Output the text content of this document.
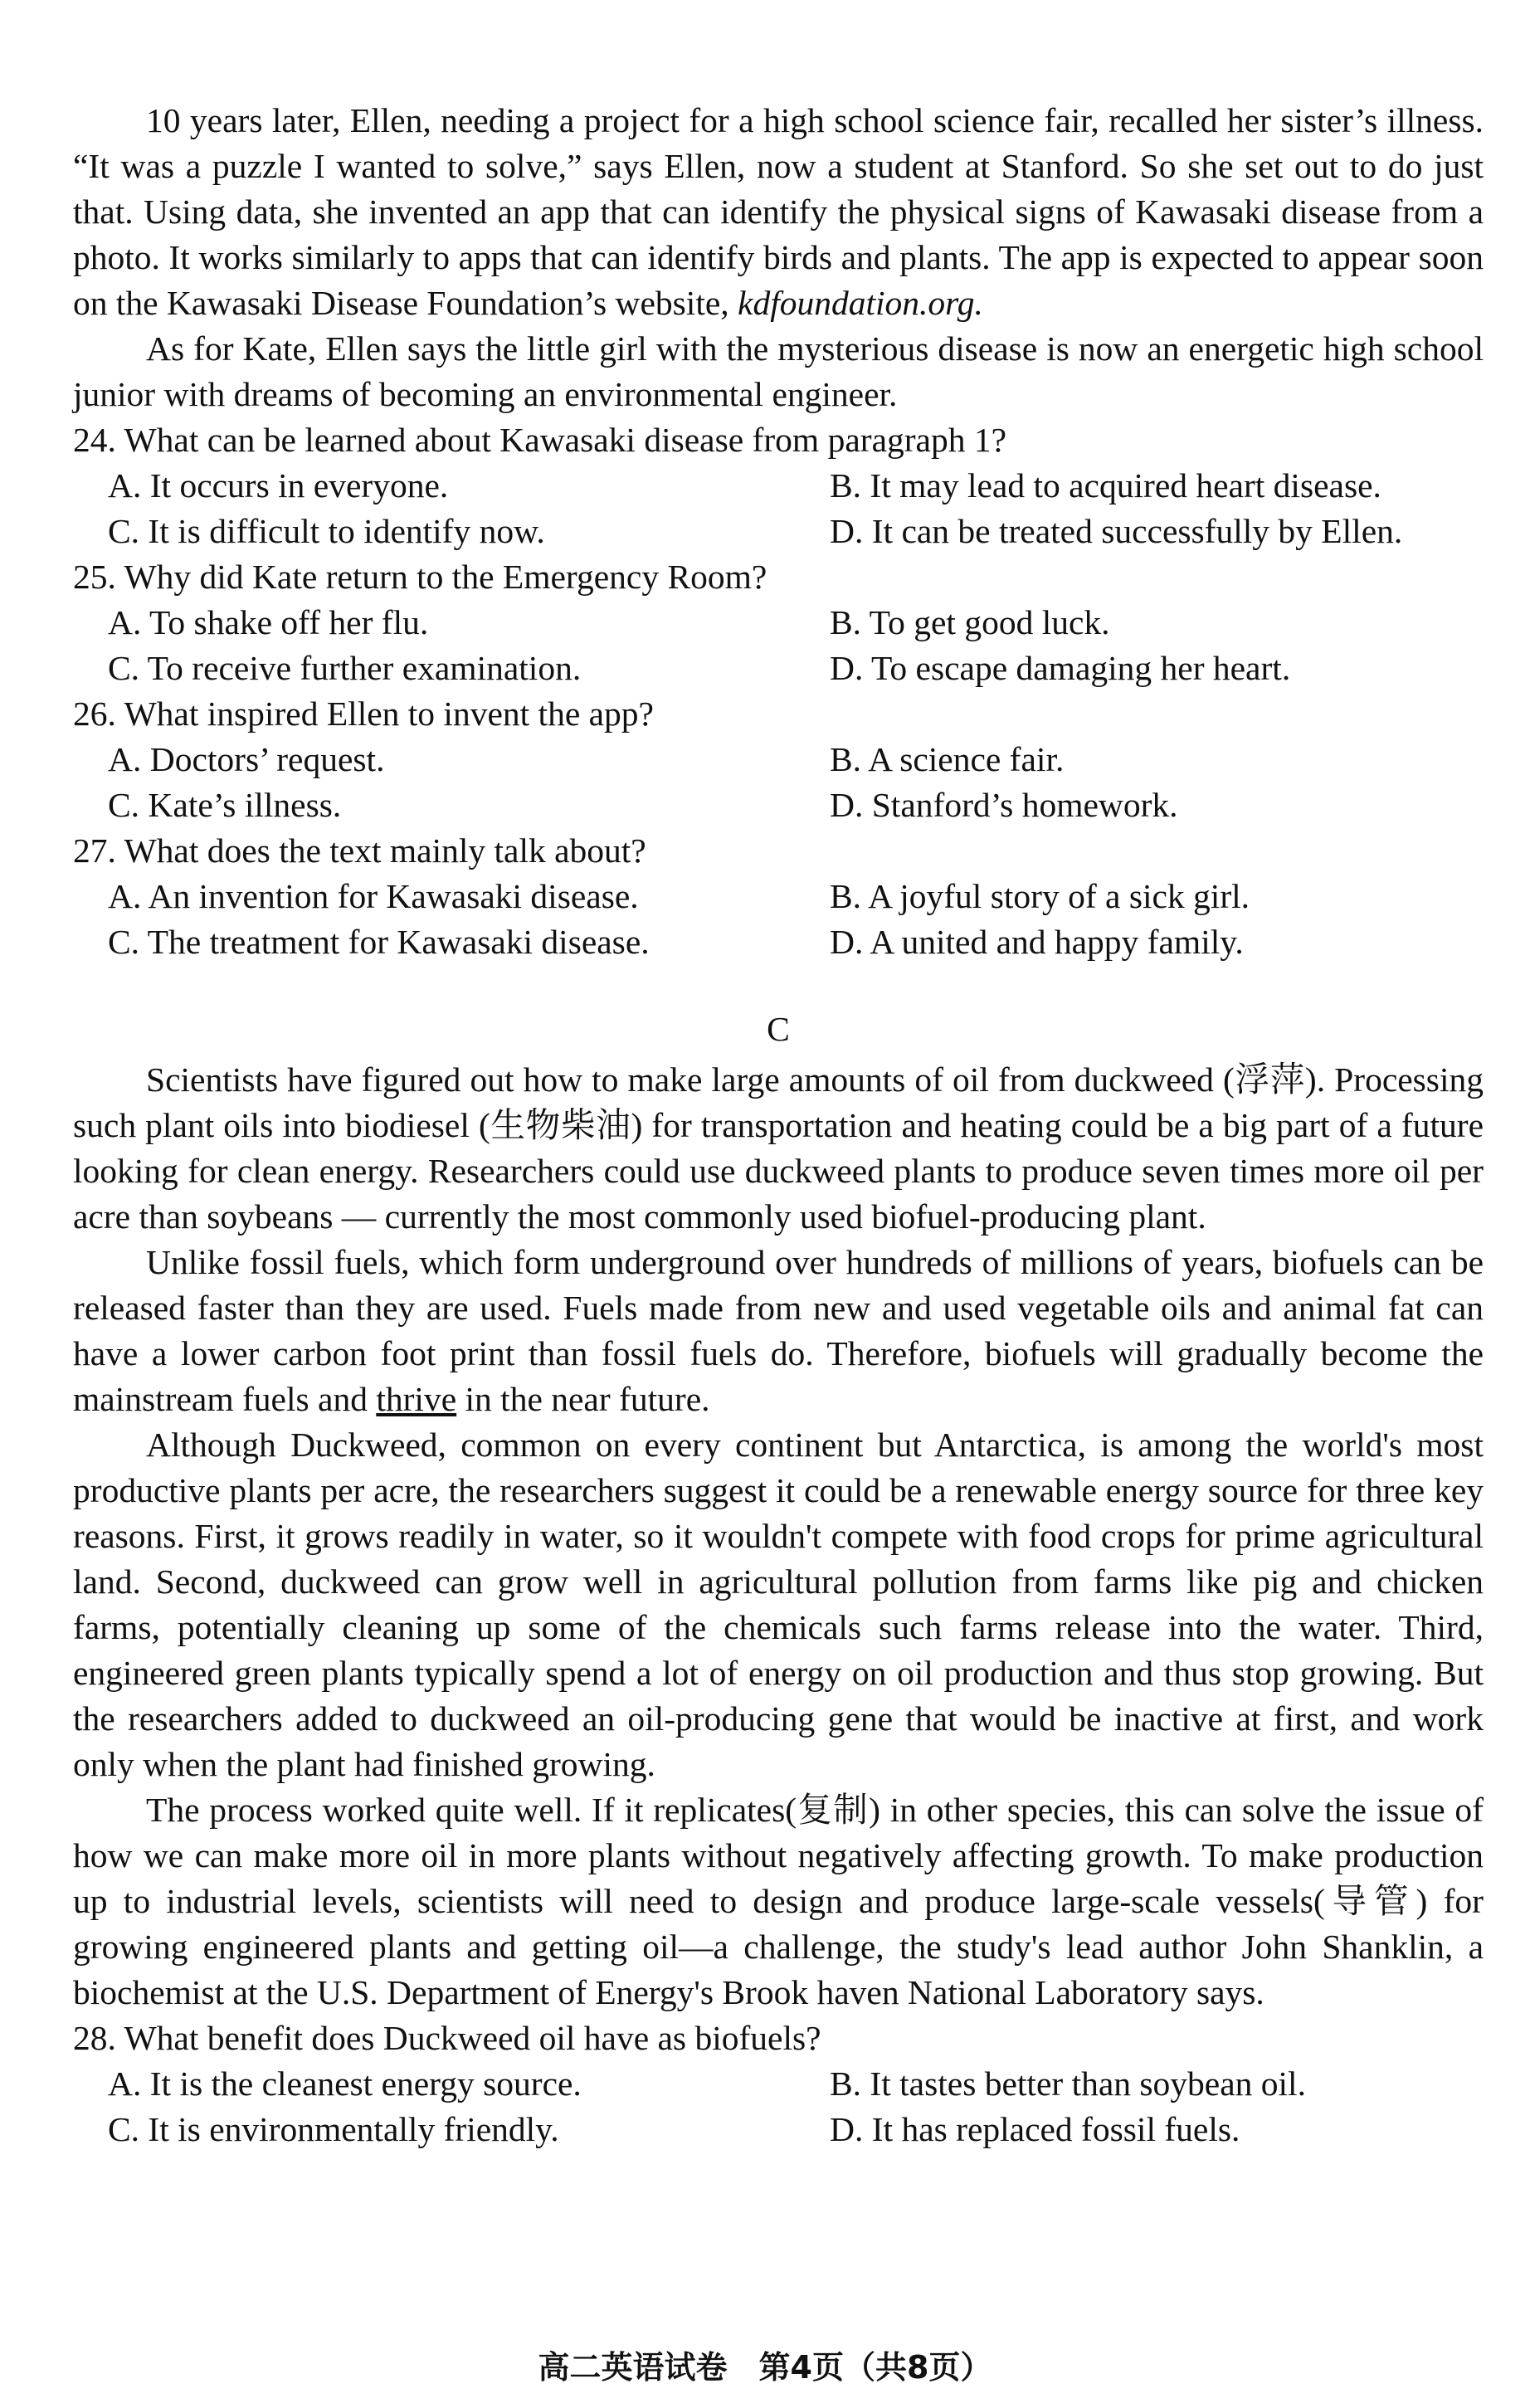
10 years later, Ellen, needing a project for a high school science fair, recalled her sister’s illness. “It was a puzzle I wanted to solve,” says Ellen, now a student at Stanford. So she set out to do just that. Using data, she invented an app that can identify the physical signs of Kawasaki disease from a photo. It works similarly to apps that can identify birds and plants. The app is expected to appear soon on the Kawasaki Disease Foundation’s website, kdfoundation.org.

As for Kate, Ellen says the little girl with the mysterious disease is now an energetic high school junior with dreams of becoming an environmental engineer.

24. What can be learned about Kawasaki disease from paragraph 1?

A. It occurs in everyone.	B. It may lead to acquired heart disease.
C. It is difficult to identify now.	D. It can be treated successfully by Ellen.

25. Why did Kate return to the Emergency Room?

A. To shake off her flu.	B. To get good luck.
C. To receive further examination.	D. To escape damaging her heart.

26. What inspired Ellen to invent the app?

A. Doctors’ request.	B. A science fair.
C. Kate’s illness.	D. Stanford’s homework.

27. What does the text mainly talk about?

A. An invention for Kawasaki disease.	B. A joyful story of a sick girl.
C. The treatment for Kawasaki disease.	D. A united and happy family.
C

Scientists have figured out how to make large amounts of oil from duckweed (浮萍). Processing such plant oils into biodiesel (生物柴油) for transportation and heating could be a big part of a future looking for clean energy. Researchers could use duckweed plants to produce seven times more oil per acre than soybeans — currently the most commonly used biofuel-producing plant.

Unlike fossil fuels, which form underground over hundreds of millions of years, biofuels can be released faster than they are used. Fuels made from new and used vegetable oils and animal fat can have a lower carbon foot print than fossil fuels do. Therefore, biofuels will gradually become the mainstream fuels and thrive in the near future.

Although Duckweed, common on every continent but Antarctica, is among the world's most productive plants per acre, the researchers suggest it could be a renewable energy source for three key reasons. First, it grows readily in water, so it wouldn't compete with food crops for prime agricultural land. Second, duckweed can grow well in agricultural pollution from farms like pig and chicken farms, potentially cleaning up some of the chemicals such farms release into the water. Third, engineered green plants typically spend a lot of energy on oil production and thus stop growing. But the researchers added to duckweed an oil-producing gene that would be inactive at first, and work only when the plant had finished growing.

The process worked quite well. If it replicates(复制) in other species, this can solve the issue of how we can make more oil in more plants without negatively affecting growth. To make production up to industrial levels, scientists will need to design and produce large-scale vessels(导管) for growing engineered plants and getting oil—a challenge, the study's lead author John Shanklin, a biochemist at the U.S. Department of Energy's Brook haven National Laboratory says.

28. What benefit does Duckweed oil have as biofuels?

A. It is the cleanest energy source.	B. It tastes better than soybean oil.
C. It is environmentally friendly.	D. It has replaced fossil fuels.
高二英语试卷　第4页（共8页）
